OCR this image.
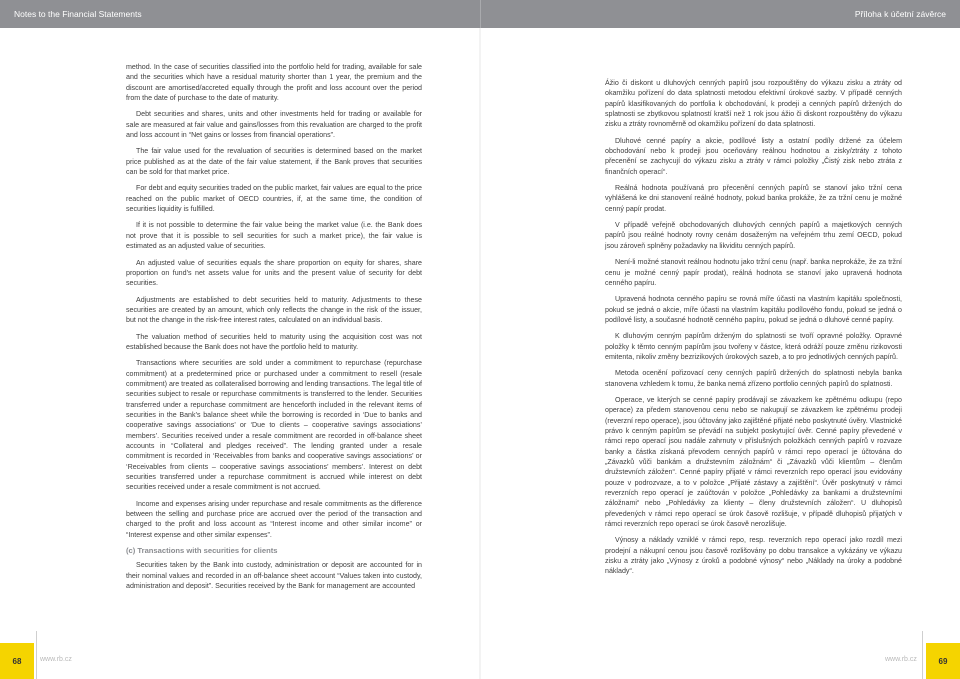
Notes to the Financial Statements	Příloha k účetní závěrce

method. In the case of securities classified into the portfolio held for trading, available for sale and the securities which have a residual maturity shorter than 1 year, the premium and the discount are amortised/accreted equally through the profit and loss account over the period from the date of purchase to the date of maturity.

Debt securities and shares, units and other investments held for trading or available for sale are measured at fair value and gains/losses from this revaluation are charged to the profit and loss account in “Net gains or losses from financial operations”.

The fair value used for the revaluation of securities is determined based on the market price published as at the date of the fair value statement, if the Bank proves that securities can be sold for that market price.

For debt and equity securities traded on the public market, fair values are equal to the price reached on the public market of OECD countries, if, at the same time, the condition of securities liquidity is fulfilled.

If it is not possible to determine the fair value being the market value (i.e. the Bank does not prove that it is possible to sell securities for such a market price), the fair value is estimated as an adjusted value of securities.

An adjusted value of securities equals the share proportion on equity for shares, share proportion on fund’s net assets value for units and the present value of security for debt securities.

Adjustments are established to debt securities held to maturity. Adjustments to these securities are created by an amount, which only reflects the change in the risk of the issuer, but not the change in the risk-free interest rates, calculated on an individual basis.

The valuation method of securities held to maturity using the acquisition cost was not established because the Bank does not have the portfolio held to maturity.

Transactions where securities are sold under a commitment to repurchase (repurchase commitment) at a predetermined price or purchased under a commitment to resell (resale commitment) are treated as collateralised borrowing and lending transactions. The legal title of securities subject to resale or repurchase commitments is transferred to the lender. Securities transferred under a repurchase commitment are henceforth included in the relevant items of securities in the Bank’s balance sheet while the borrowing is recorded in ‘Due to banks and cooperative savings associations’ or ‘Due to clients – cooperative savings associations’ members’. Securities received under a resale commitment are recorded in off-balance sheet accounts in “Collateral and pledges received”. The lending granted under a resale commitment is recorded in ‘Receivables from banks and cooperative savings associations’ or ‘Receivables from clients – cooperative savings associations’ members’. Interest on debt securities transferred under a repurchase commitment is accrued while interest on debt securities received under a resale commitment is not accrued.

Income and expenses arising under repurchase and resale commitments as the difference between the selling and purchase price are accrued over the period of the transaction and charged to the profit and loss account as “Interest income and other similar income” or “Interest expense and other similar expenses”.

(c) Transactions with securities for clients

Securities taken by the Bank into custody, administration or deposit are accounted for in their nominal values and recorded in an off-balance sheet account “Values taken into custody, administration and deposit”. Securities received by the Bank for management are accounted

Ážio či diskont u dluhových cenných papírů jsou rozpouštěny do výkazu zisku a ztráty od okamžiku pořízení do data splatnosti metodou efektivní úrokové sazby. V případě cenných papírů klasifikovaných do portfolia k obchodování, k prodeji a cenných papírů držených do splatnosti se zbytkovou splatností kratší než 1 rok jsou ážio či diskont rozpouštěny do výkazu zisku a ztráty rovnoměrně od okamžiku pořízení do data splatnosti.

Dluhové cenné papíry a akcie, podílové listy a ostatní podíly držené za účelem obchodování nebo k prodeji jsou oceňovány reálnou hodnotou a zisky/ztráty z tohoto přecenění se zachycují do výkazu zisku a ztráty v rámci položky „Čistý zisk nebo ztráta z finančních operací“.

Reálná hodnota používaná pro přecenění cenných papírů se stanoví jako tržní cena vyhlášená ke dni stanovení reálné hodnoty, pokud banka prokáže, že za tržní cenu je možné cenný papír prodat.

V případě veřejně obchodovaných dluhových cenných papírů a majetkových cenných papírů jsou reálné hodnoty rovny cenám dosaženým na veřejném trhu zemí OECD, pokud jsou zároveň splněny požadavky na likviditu cenných papírů.

Není-li možné stanovit reálnou hodnotu jako tržní cenu (např. banka neprokáže, že za tržní cenu je možné cenný papír prodat), reálná hodnota se stanoví jako upravená hodnota cenného papíru.

Upravená hodnota cenného papíru se rovná míře účasti na vlastním kapitálu společnosti, pokud se jedná o akcie, míře účasti na vlastním kapitálu podílového fondu, pokud se jedná o podílové listy, a současné hodnotě cenného papíru, pokud se jedná o dluhové cenné papíry.

K dluhovým cenným papírům drženým do splatnosti se tvoří opravné položky. Opravné položky k těmto cenným papírům jsou tvořeny v částce, která odráží pouze změnu rizikovosti emitenta, nikoliv změny bezrizikových úrokových sazeb, a to pro jednotlivých cenných papírů.

Metoda ocenění pořizovací ceny cenných papírů držených do splatnosti nebyla banka stanovena vzhledem k tomu, že banka nemá zřízeno portfolio cenných papírů do splatnosti.

Operace, ve kterých se cenné papíry prodávají se závazkem ke zpětnému odkupu (repo operace) za předem stanovenou cenu nebo se nakupují se závazkem ke zpětnému prodeji (reverzní repo operace), jsou účtovány jako zajištěné přijaté nebo poskytnuté úvěry. Vlastnické právo k cenným papírům se převádí na subjekt poskytující úvěr. Cenné papíry převedené v rámci repo operací jsou nadále zahrnuty v příslušných položkách cenných papírů v rozvaze banky a částka získaná převodem cenných papírů v rámci repo operací je účtována do „Závazků vůči bankám a družstevním záložnám“ či „Závazků vůči klientům – členům družstevních záložen“. Cenné papíry přijaté v rámci reverzních repo operací jsou evidovány pouze v podrozvaze, a to v položce „Přijaté zástavy a zajištění“. Úvěr poskytnutý v rámci reverzních repo operací je zaúčtován v položce „Pohledávky za bankami a družstevními záložnami“ nebo „Pohledávky za klienty – členy družstevních záložen“. U dluhopisů převedených v rámci repo operací se úrok časově rozlišuje, v případě dluhopisů přijatých v rámci reverzních repo operací se úrok časově nerozlišuje.

Výnosy a náklady vzniklé v rámci repo, resp. reverzních repo operací jako rozdíl mezi prodejní a nákupní cenou jsou časově rozlišovány po dobu transakce a vykázány ve výkazu zisku a ztráty jako „Výnosy z úroků a podobné výnosy“ nebo „Náklady na úroky a podobné náklady“.

68	www.rb.cz	www.rb.cz	69
